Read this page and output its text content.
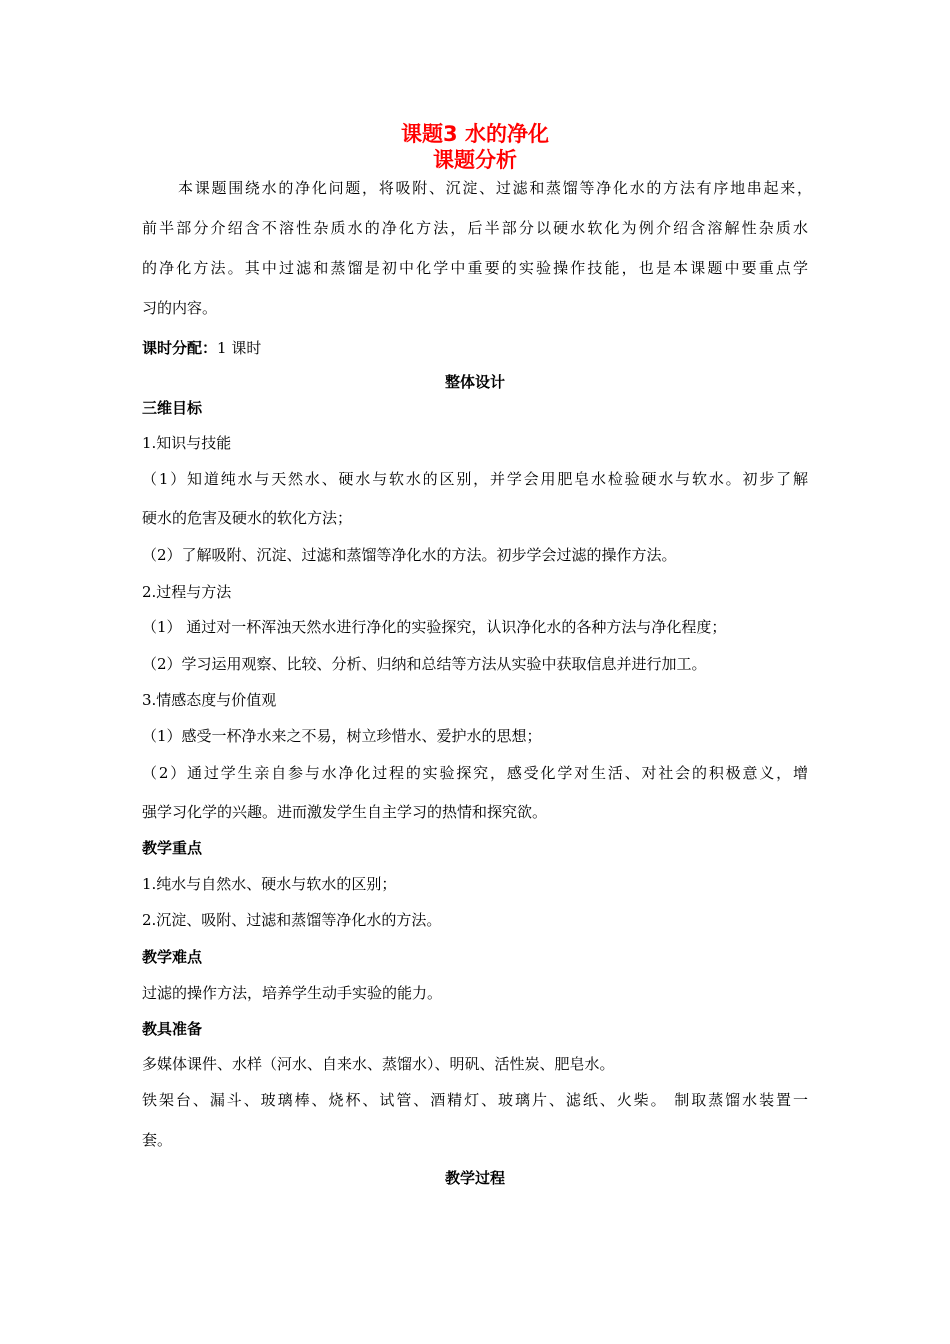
课题3 水的净化
课题分析
本课题围绕水的净化问题，将吸附、沉淀、过滤和蒸馏等净化水的方法有序地串起来，
前半部分介绍含不溶性杂质水的净化方法，后半部分以硬水软化为例介绍含溶解性杂质水
的净化方法。其中过滤和蒸馏是初中化学中重要的实验操作技能，也是本课题中要重点学
习的内容。
课时分配：1 课时
整体设计
三维目标
1.知识与技能
（1）知道纯水与天然水、硬水与软水的区别，并学会用肥皂水检验硬水与软水。初步了解
硬水的危害及硬水的软化方法；
（2）了解吸附、沉淀、过滤和蒸馏等净化水的方法。初步学会过滤的操作方法。
2.过程与方法
（1） 通过对一杯浑浊天然水进行净化的实验探究，认识净化水的各种方法与净化程度；
（2）学习运用观察、比较、分析、归纳和总结等方法从实验中获取信息并进行加工。
3.情感态度与价值观
（1）感受一杯净水来之不易，树立珍惜水、爱护水的思想；
（2）通过学生亲自参与水净化过程的实验探究，感受化学对生活、对社会的积极意义，增
强学习化学的兴趣。进而激发学生自主学习的热情和探究欲。
教学重点
1.纯水与自然水、硬水与软水的区别；
2.沉淀、吸附、过滤和蒸馏等净化水的方法。
教学难点
过滤的操作方法，培养学生动手实验的能力。
教具准备
多媒体课件、水样（河水、自来水、蒸馏水）、明矾、活性炭、肥皂水。
铁架台、漏斗、玻璃棒、烧杯、试管、酒精灯、玻璃片、滤纸、火柴。 制取蒸馏水装置一
套。
教学过程
